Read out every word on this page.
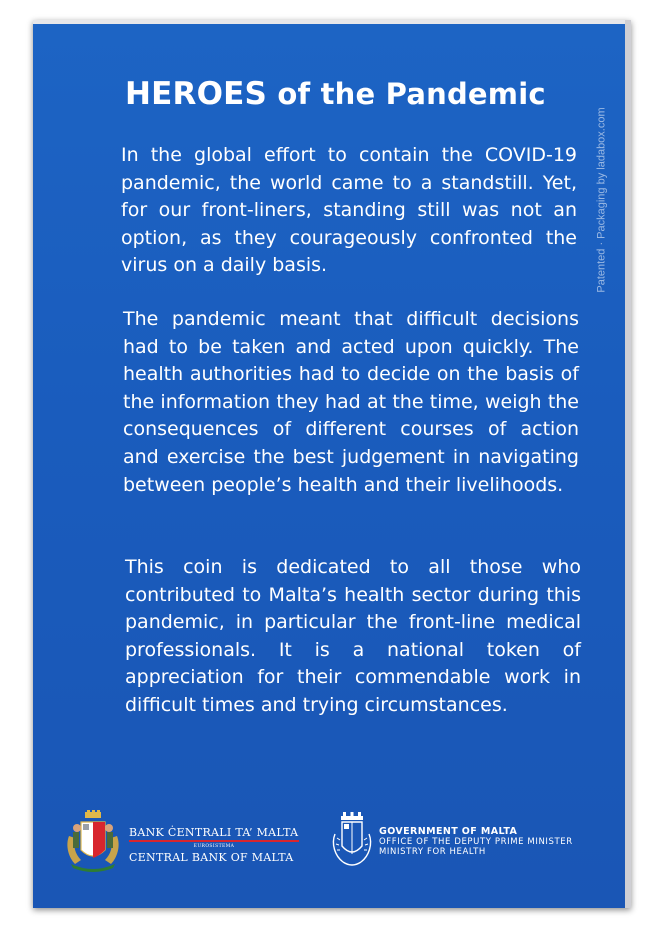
HEROES of the Pandemic

In the global effort to contain the COVID-19 pandemic, the world came to a standstill. Yet, for our front-liners, standing still was not an option, as they courageously confronted the virus on a daily basis.

The pandemic meant that difficult decisions had to be taken and acted upon quickly. The health authorities had to decide on the basis of the information they had at the time, weigh the consequences of different courses of action and exercise the best judgement in navigating between people’s health and their livelihoods.

This coin is dedicated to all those who contributed to Malta’s health sector during this pandemic, in particular the front-line medical professionals. It is a national token of appreciation for their commendable work in difficult times and trying circumstances.

Patented · Packaging by ladabox.com
BANK ĊENTRALI TA’ MALTA
EUROSISTEMA
CENTRAL BANK OF MALTA
GOVERNMENT OF MALTA
OFFICE OF THE DEPUTY PRIME MINISTER
MINISTRY FOR HEALTH
